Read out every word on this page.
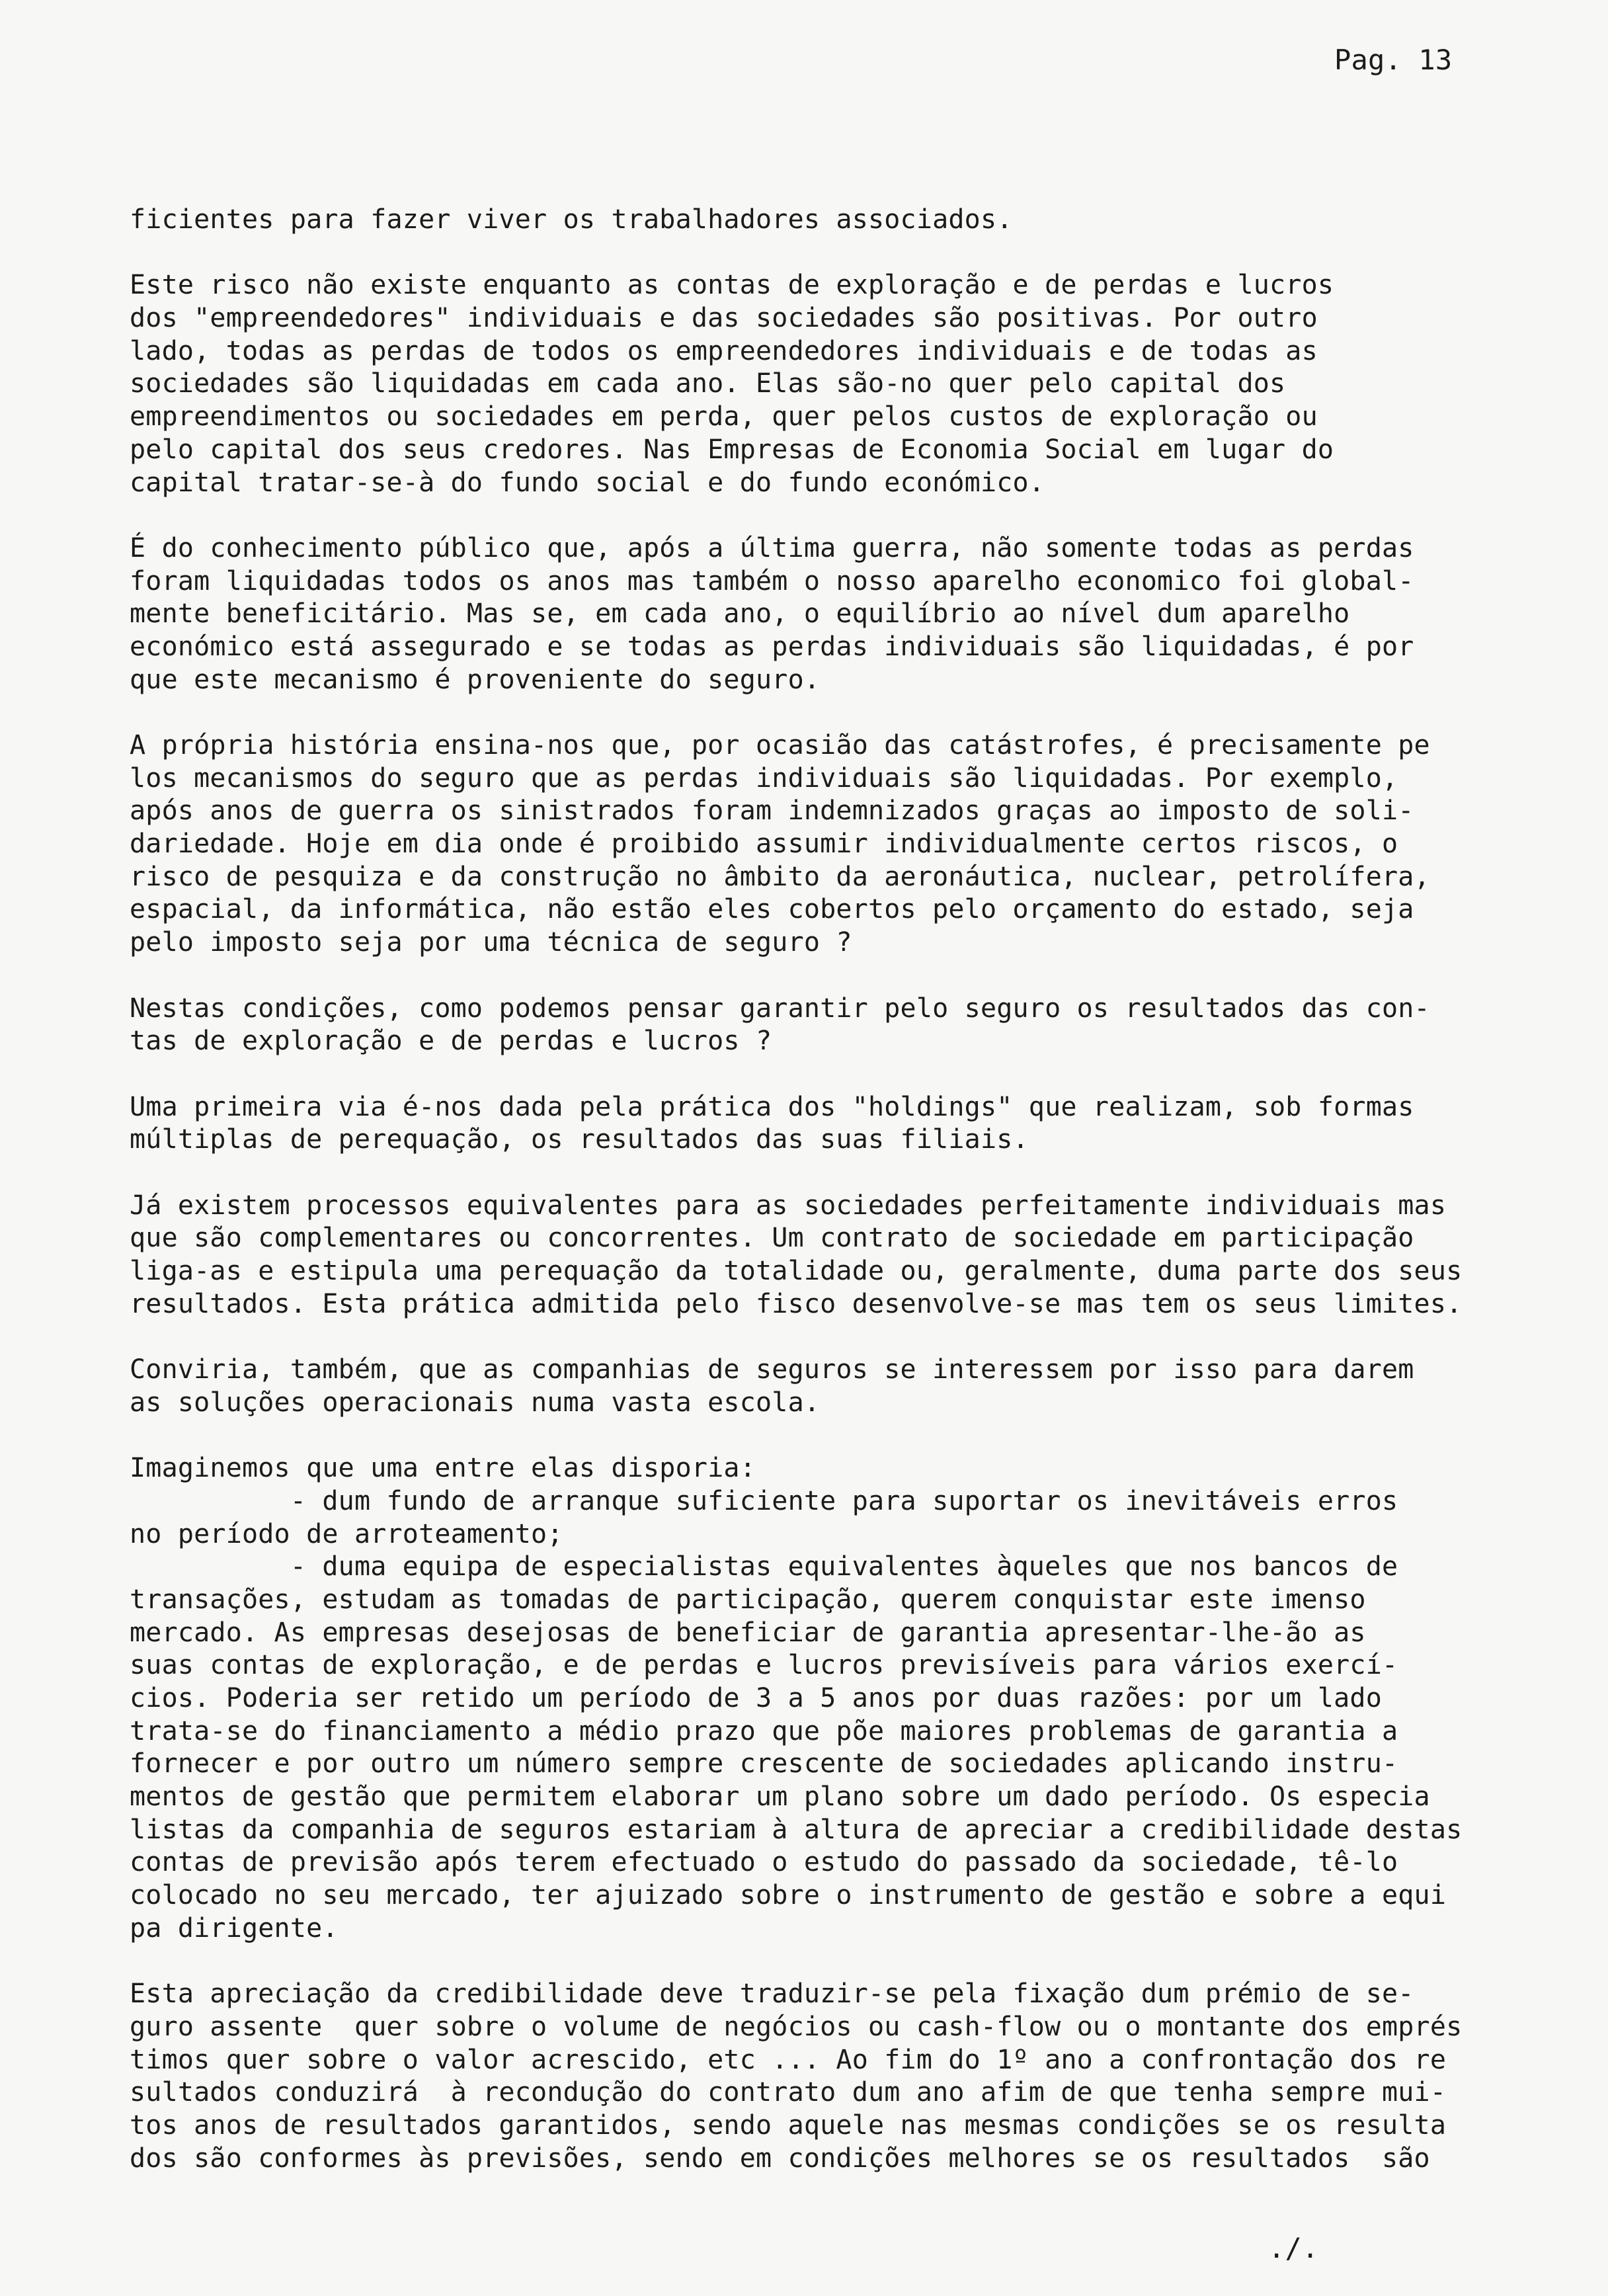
Pag. 13
ficientes para fazer viver os trabalhadores associados.
Este risco não existe enquanto as contas de exploração e de perdas e lucros
dos "empreendedores" individuais e das sociedades são positivas. Por outro
lado, todas as perdas de todos os empreendedores individuais e de todas as
sociedades são liquidadas em cada ano. Elas são-no quer pelo capital dos
empreendimentos ou sociedades em perda, quer pelos custos de exploração ou
pelo capital dos seus credores. Nas Empresas de Economia Social em lugar do
capital tratar-se-à do fundo social e do fundo económico.
É do conhecimento público que, após a última guerra, não somente todas as perdas
foram liquidadas todos os anos mas também o nosso aparelho economico foi global-
mente beneficitário. Mas se, em cada ano, o equilíbrio ao nível dum aparelho
económico está assegurado e se todas as perdas individuais são liquidadas, é por
que este mecanismo é proveniente do seguro.
A própria história ensina-nos que, por ocasião das catástrofes, é precisamente pe
los mecanismos do seguro que as perdas individuais são liquidadas. Por exemplo,
após anos de guerra os sinistrados foram indemnizados graças ao imposto de soli-
dariedade. Hoje em dia onde é proibido assumir individualmente certos riscos, o
risco de pesquiza e da construção no âmbito da aeronáutica, nuclear, petrolífera,
espacial, da informática, não estão eles cobertos pelo orçamento do estado, seja
pelo imposto seja por uma técnica de seguro ?
Nestas condições, como podemos pensar garantir pelo seguro os resultados das con-
tas de exploração e de perdas e lucros ?
Uma primeira via é-nos dada pela prática dos "holdings" que realizam, sob formas
múltiplas de perequação, os resultados das suas filiais.
Já existem processos equivalentes para as sociedades perfeitamente individuais mas
que são complementares ou concorrentes. Um contrato de sociedade em participação
liga-as e estipula uma perequação da totalidade ou, geralmente, duma parte dos seus
resultados. Esta prática admitida pelo fisco desenvolve-se mas tem os seus limites.
Conviria, também, que as companhias de seguros se interessem por isso para darem
as soluções operacionais numa vasta escola.
Imaginemos que uma entre elas disporia:
- dum fundo de arranque suficiente para suportar os inevitáveis erros
no período de arroteamento;
- duma equipa de especialistas equivalentes àqueles que nos bancos de
transações, estudam as tomadas de participação, querem conquistar este imenso
mercado. As empresas desejosas de beneficiar de garantia apresentar-lhe-ão as
suas contas de exploração, e de perdas e lucros previsíveis para vários exercí-
cios. Poderia ser retido um período de 3 a 5 anos por duas razões: por um lado
trata-se do financiamento a médio prazo que põe maiores problemas de garantia a
fornecer e por outro um número sempre crescente de sociedades aplicando instru-
mentos de gestão que permitem elaborar um plano sobre um dado período. Os especia
listas da companhia de seguros estariam à altura de apreciar a credibilidade destas
contas de previsão após terem efectuado o estudo do passado da sociedade, tê-lo
colocado no seu mercado, ter ajuizado sobre o instrumento de gestão e sobre a equi
pa dirigente.
Esta apreciação da credibilidade deve traduzir-se pela fixação dum prémio de se-
guro assente  quer sobre o volume de negócios ou cash-flow ou o montante dos emprés
timos quer sobre o valor acrescido, etc ... Ao fim do 1º ano a confrontação dos re
sultados conduzirá  à recondução do contrato dum ano afim de que tenha sempre mui-
tos anos de resultados garantidos, sendo aquele nas mesmas condições se os resulta
dos são conformes às previsões, sendo em condições melhores se os resultados  são
./.
